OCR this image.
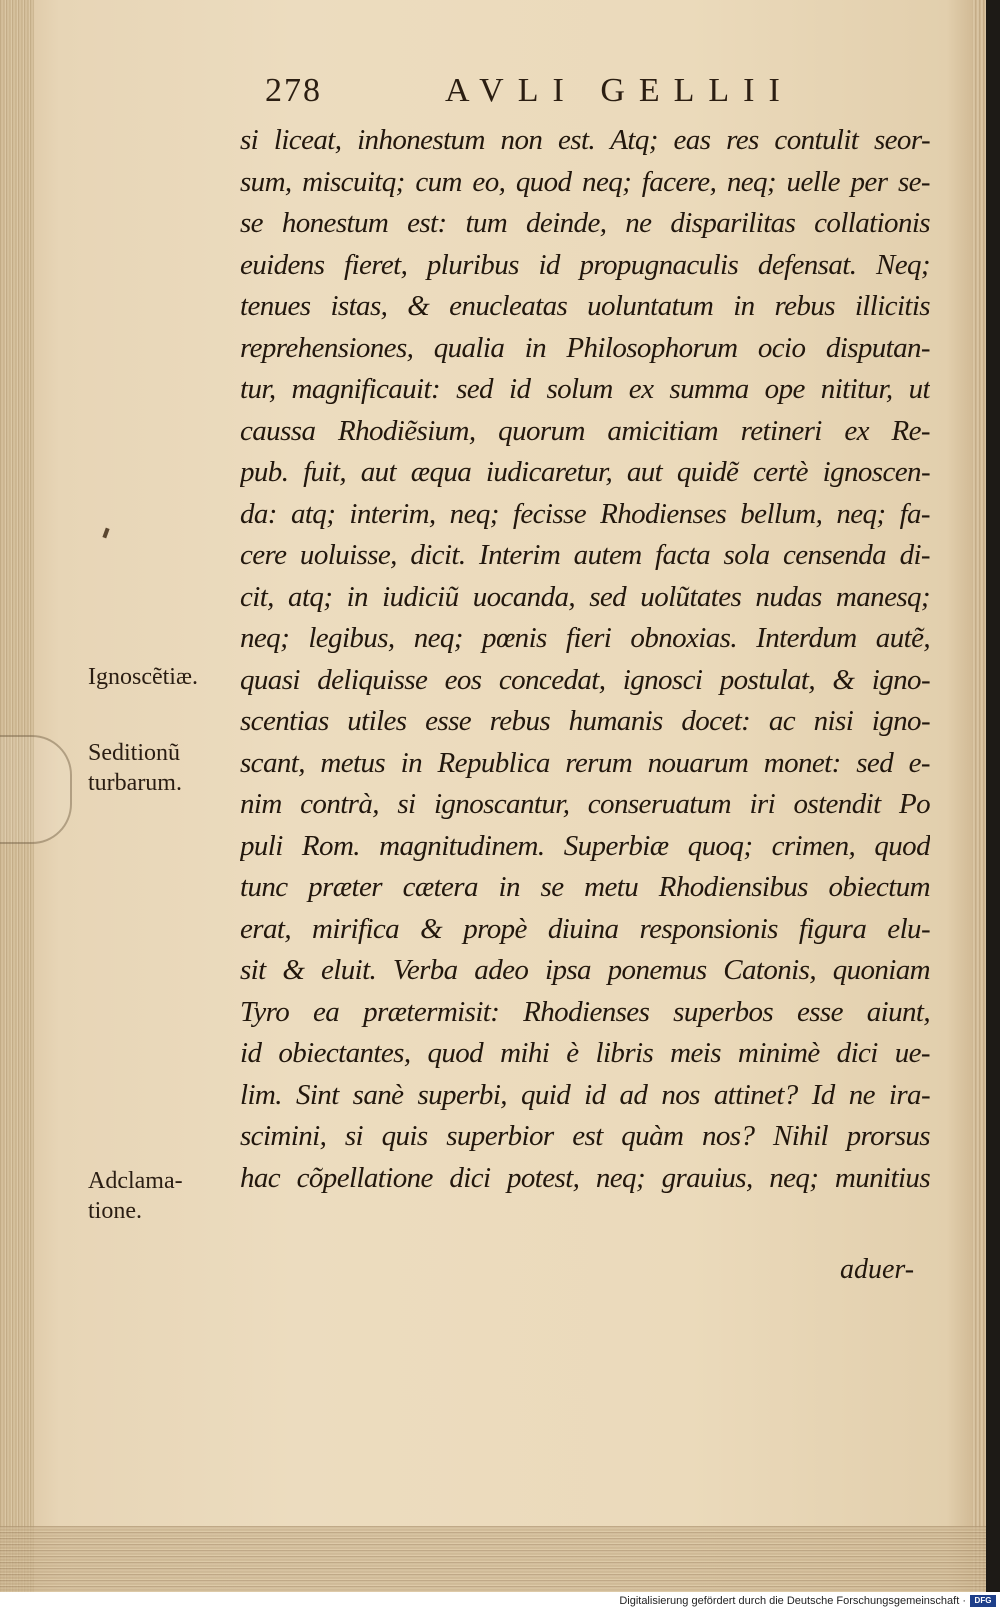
278	AVLI GELLII
si liceat, inhonestum non est. Atq; eas res contulit seor-
sum, miscuitq; cum eo, quod neq; facere, neq; uelle per se-
se honestum est: tum deinde, ne disparilitas collationis
euidens fieret, pluribus id propugnaculis defensat. Neq;
tenues istas, & enucleatas uoluntatum in rebus illicitis
reprehensiones, qualia in Philosophorum ocio disputan-
tur, magnificauit: sed id solum ex summa ope nititur, ut
caussa Rhodiẽsium, quorum amicitiam retineri ex Re-
pub. fuit, aut æqua iudicaretur, aut quidẽ certè ignoscen-
da: atq; interim, neq; fecisse Rhodienses bellum, neq; fa-
cere uoluisse, dicit. Interim autem facta sola censenda di-
cit, atq; in iudiciũ uocanda, sed uolũtates nudas manesq;
neq; legibus, neq; pœnis fieri obnoxias. Interdum autẽ,
quasi deliquisse eos concedat, ignosci postulat, & igno-
scentias utiles esse rebus humanis docet: ac nisi igno-
scant, metus in Republica rerum nouarum monet: sed e-
nim contrà, si ignoscantur, conseruatum iri ostendit Po
puli Rom. magnitudinem. Superbiæ quoq; crimen, quod
tunc præter cætera in se metu Rhodiensibus obiectum
erat, mirifica & propè diuina responsionis figura elu-
sit & eluit. Verba adeo ipsa ponemus Catonis, quoniam
Tyro ea prætermisit: Rhodienses superbos esse aiunt,
id obiectantes, quod mihi è libris meis minimè dici ue-
lim. Sint sanè superbi, quid id ad nos attinet? Id ne ira-
scimini, si quis superbior est quàm nos? Nihil prorsus
hac cõpellatione dici potest, neq; grauius, neq; munitius
aduer-
Ignoscẽtiæ.
Seditionũ
turbarum.
Adclama-
tione.
Digitalisierung gefördert durch die Deutsche Forschungsgemeinschaft ·	DFG
